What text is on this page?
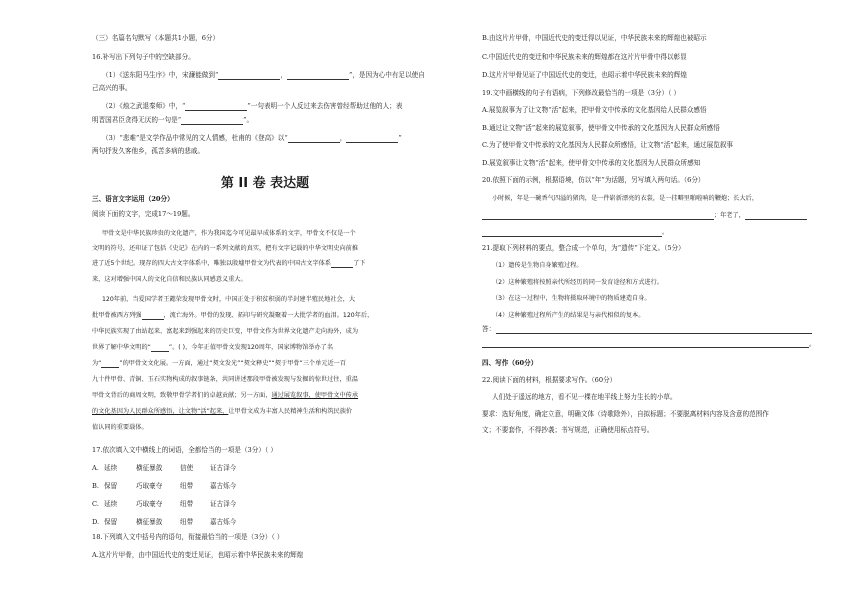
（三）名篇名句默写（本题共1小题，6分）
16.补写出下列句子中的空缺部分。
（1）《送东阳马生序》中，宋濂能做到“	，	”，是因为心中有足以使自
己高兴的事。
（2）《烛之武退秦师》中，“	”一句表明一个人反过来去伤害曾经帮助过他的人；表
明晋国君臣贪得无厌的一句是“	”。
（3）“悲难”是文学作品中常见的文人情感，杜甫的《登高》以“	，	”
两句抒发久客他乡，孤苦多病的悲戚。
第 II 卷 表达题
三、语言文字运用（20分）
阅读下面的文字，完成17～19题。
甲骨文是中华民族珍贵的文化遗产，作为我国迄今可见最早成体系的文字，甲骨文不仅是一个
文明的符号，还印证了包括《史记》在内的一系列文献的真实，把有文字记载的中华文明史向前推
进了近5个世纪。现存的四大古文字体系中，唯独以殷墟甲骨文为代表的中国古文字体系	了下
来，这对增强中国人的文化自信和民族认同感意义重大。
120年前，当爱国学者王懿荣发现甲骨文时，中国正处于积贫积弱的半封建半殖民地社会，大
批甲骨被西方列强	，流亡海外。甲骨的发现、拓印与研究凝聚着一大批学者的血泪。120年后，
中华民族实现了由站起来、富起来到强起来的历史巨变，甲骨文作为世界文化遗产走向海外，成为
世界了解中华文明的“	”。( )，今年正值甲骨文发现120周年，国家博物馆举办了名
为“	”的甲骨文文化展。一方面，通过“契文发光”“契文释史”“契于甲骨”三个单元近一百
九十件甲骨、青铜、玉石实物构成的叙事链条，共同讲述那段甲骨被发现与发掘的惊世过往，重温
甲骨文背后的商周文明，致敬甲骨学者们的卓越贡献；另一方面，通过展览叙事，使甲骨文中传承
的文化基因为人民群众所感悟，让文物“活”起来，让甲骨文成为丰富人民精神生活和构筑民族价
值认同的重要载体。
17.依次填入文中横线上的词语，全都恰当的一项是（3分）（ ）
A. 延续	横征暴敛	信使	证古泽今
B. 保留	巧取豪夺	纽带	嘉古烁今
C. 延续	巧取豪夺	纽带	证古泽今
D. 保留	横征暴敛	纽带	嘉古烁今
18.下列填入文中括号内的语句，衔接最恰当的一项是（3分）（ ）
A.这片片甲骨，由中国近代史的变迁见证，也昭示着中华民族未来的辉煌
B.由这片片甲骨，中国近代史的变迁得以见证，中华民族未来的辉煌也被昭示
C.中国近代史的变迁和中华民族未来的辉煌都在这片片甲骨中得以彰显
D.这片片甲骨见证了中国近代史的变迁，也昭示着中华民族未来的辉煌
19.文中画横线的句子有语病，下列修改最恰当的一项是（3分）（ ）
A.展览叙事为了让文物“活”起来，把甲骨文中传承的文化基因给人民群众感悟
B.通过让文物“活”起来的展览叙事，使甲骨文中传承的文化基因为人民群众所感悟
C.为了使甲骨文中传承的文化基因为人民群众所感悟，让文物“活”起来，通过展览叙事
D.展览叙事让文物“活”起来，使甲骨文中传承的文化基因为人民群众所感知
20.依照下面的示例，根据语境，仿以“年”为话题，另写填入两句话。（6分）
小时候，年是一碗香气四溢的猪肉，是一件崭新漂亮的衣裳，是一挂噼里啪啦响的鞭炮；长大后，
；年老了，
。
21.提取下列材料的要点，整合成一个单句，为“遗传”下定义。（5分）
（1）遗传是生物自身繁殖过程。
（2）这种繁殖将按照亲代所经历的同一发育途径和方式进行。
（3）在这一过程中，生物将摄取环境中的物质建造自身。
（4）这种繁殖过程所产生的结果是与亲代相似的复本。
答：
。
四、写作（60分）
22.阅读下面的材料，根据要求写作。（60分）
人们处于遥远的地方，看不见一棵在地平线上努力生长的小草。
要求：选好角度，确定立意，明确文体（诗歌除外），自拟标题；不要脱离材料内容及含意的范围作
文；不要套作，不得抄袭；书写规范，正确使用标点符号。
